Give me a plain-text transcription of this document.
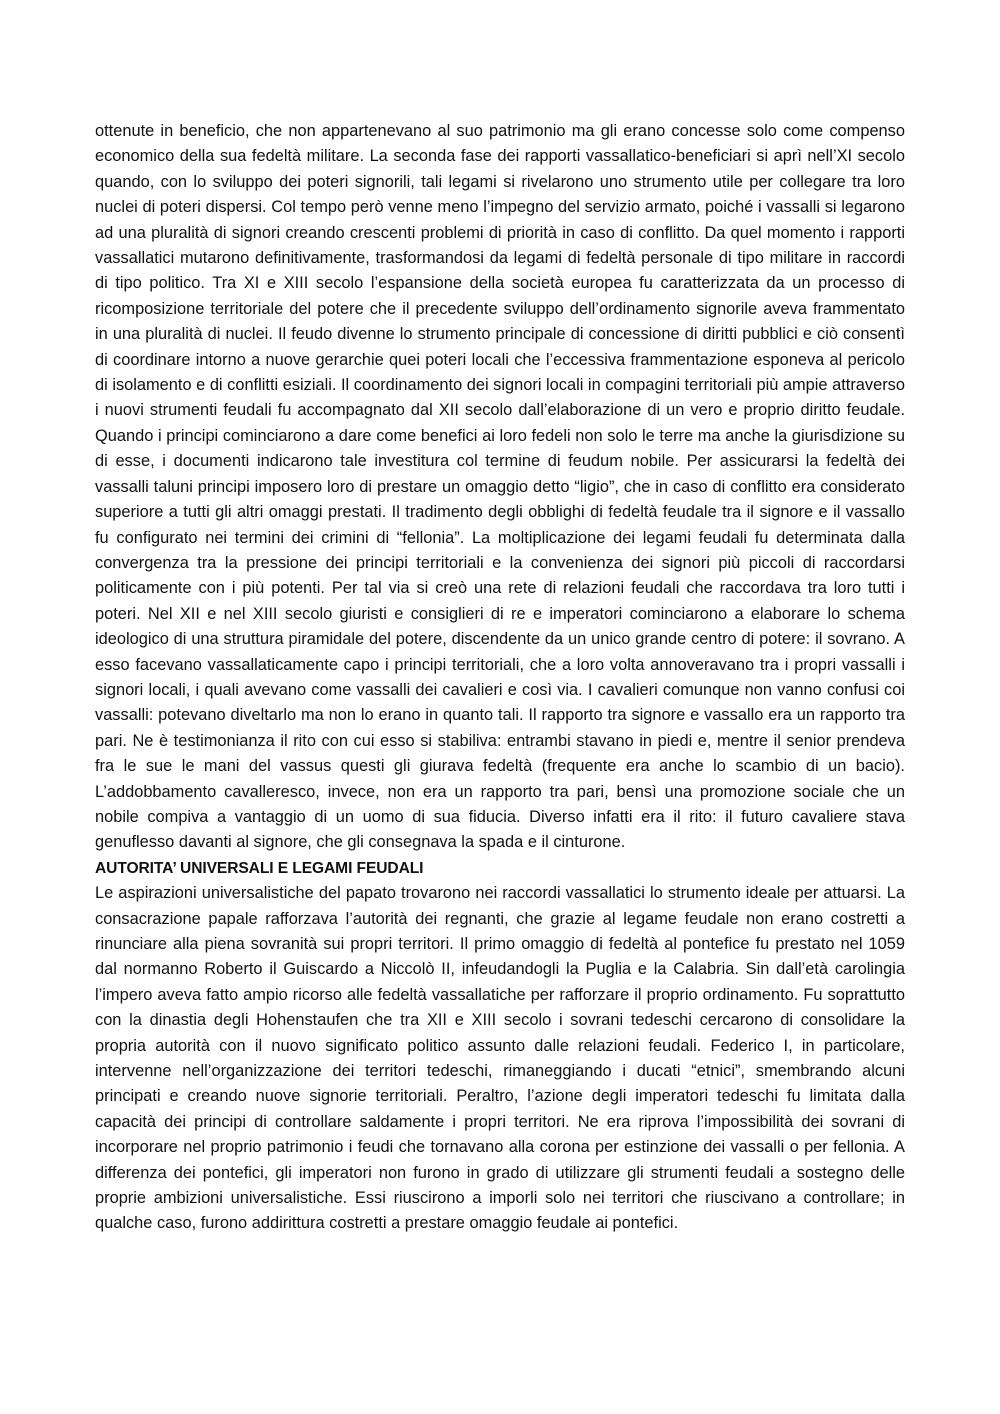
ottenute in beneficio, che non appartenevano al suo patrimonio ma gli erano concesse solo come compenso economico della sua fedeltà militare. La seconda fase dei rapporti vassallatico-beneficiari si aprì nell’XI secolo quando, con lo sviluppo dei poteri signorili, tali legami si rivelarono uno strumento utile per collegare tra loro nuclei di poteri dispersi. Col tempo però venne meno l’impegno del servizio armato, poiché i vassalli si legarono ad una pluralità di signori creando crescenti problemi di priorità in caso di conflitto. Da quel momento i rapporti vassallatici mutarono definitivamente, trasformandosi da legami di fedeltà personale di tipo militare in raccordi di tipo politico. Tra XI e XIII secolo l’espansione della società europea fu caratterizzata da un processo di ricomposizione territoriale del potere che il precedente sviluppo dell’ordinamento signorile aveva frammentato in una pluralità di nuclei. Il feudo divenne lo strumento principale di concessione di diritti pubblici e ciò consentì di coordinare intorno a nuove gerarchie quei poteri locali che l’eccessiva frammentazione esponeva al pericolo di isolamento e di conflitti esiziali. Il coordinamento dei signori locali in compagini territoriali più ampie attraverso i nuovi strumenti feudali fu accompagnato dal XII secolo dall’elaborazione di un vero e proprio diritto feudale. Quando i principi cominciarono a dare come benefici ai loro fedeli non solo le terre ma anche la giurisdizione su di esse, i documenti indicarono tale investitura col termine di feudum nobile. Per assicurarsi la fedeltà dei vassalli taluni principi imposero loro di prestare un omaggio detto “ligio”, che in caso di conflitto era considerato superiore a tutti gli altri omaggi prestati. Il tradimento degli obblighi di fedeltà feudale tra il signore e il vassallo fu configurato nei termini dei crimini di “fellonia”. La moltiplicazione dei legami feudali fu determinata dalla convergenza tra la pressione dei principi territoriali e la convenienza dei signori più piccoli di raccordarsi politicamente con i più potenti. Per tal via si creò una rete di relazioni feudali che raccordava tra loro tutti i poteri. Nel XII e nel XIII secolo giuristi e consiglieri di re e imperatori cominciarono a elaborare lo schema ideologico di una struttura piramidale del potere, discendente da un unico grande centro di potere: il sovrano. A esso facevano vassallaticamente capo i principi territoriali, che a loro volta annoveravano tra i propri vassalli i signori locali, i quali avevano come vassalli dei cavalieri e così via. I cavalieri comunque non vanno confusi coi vassalli: potevano diveltarlo ma non lo erano in quanto tali. Il rapporto tra signore e vassallo era un rapporto tra pari. Ne è testimonianza il rito con cui esso si stabiliva: entrambi stavano in piedi e, mentre il senior prendeva fra le sue le mani del vassus questi gli giurava fedeltà (frequente era anche lo scambio di un bacio). L’addobbamento cavalleresco, invece, non era un rapporto tra pari, bensì una promozione sociale che un nobile compiva a vantaggio di un uomo di sua fiducia. Diverso infatti era il rito: il futuro cavaliere stava genuflesso davanti al signore, che gli consegnava la spada e il cinturone.

AUTORITA’ UNIVERSALI E LEGAMI FEUDALI

Le aspirazioni universalistiche del papato trovarono nei raccordi vassallatici lo strumento ideale per attuarsi. La consacrazione papale rafforzava l’autorità dei regnanti, che grazie al legame feudale non erano costretti a rinunciare alla piena sovranità sui propri territori. Il primo omaggio di fedeltà al pontefice fu prestato nel 1059 dal normanno Roberto il Guiscardo a Niccolò II, infeudandogli la Puglia e la Calabria. Sin dall’età carolingia l’impero aveva fatto ampio ricorso alle fedeltà vassallatiche per rafforzare il proprio ordinamento. Fu soprattutto con la dinastia degli Hohenstaufen che tra XII e XIII secolo i sovrani tedeschi cercarono di consolidare la propria autorità con il nuovo significato politico assunto dalle relazioni feudali. Federico I, in particolare, intervenne nell’organizzazione dei territori tedeschi, rimaneggiando i ducati “etnici”, smembrando alcuni principati e creando nuove signorie territoriali. Peraltro, l’azione degli imperatori tedeschi fu limitata dalla capacità dei principi di controllare saldamente i propri territori. Ne era riprova l’impossibilità dei sovrani di incorporare nel proprio patrimonio i feudi che tornavano alla corona per estinzione dei vassalli o per fellonia. A differenza dei pontefici, gli imperatori non furono in grado di utilizzare gli strumenti feudali a sostegno delle proprie ambizioni universalistiche. Essi riuscirono a imporli solo nei territori che riuscivano a controllare; in qualche caso, furono addirittura costretti a prestare omaggio feudale ai pontefici.
